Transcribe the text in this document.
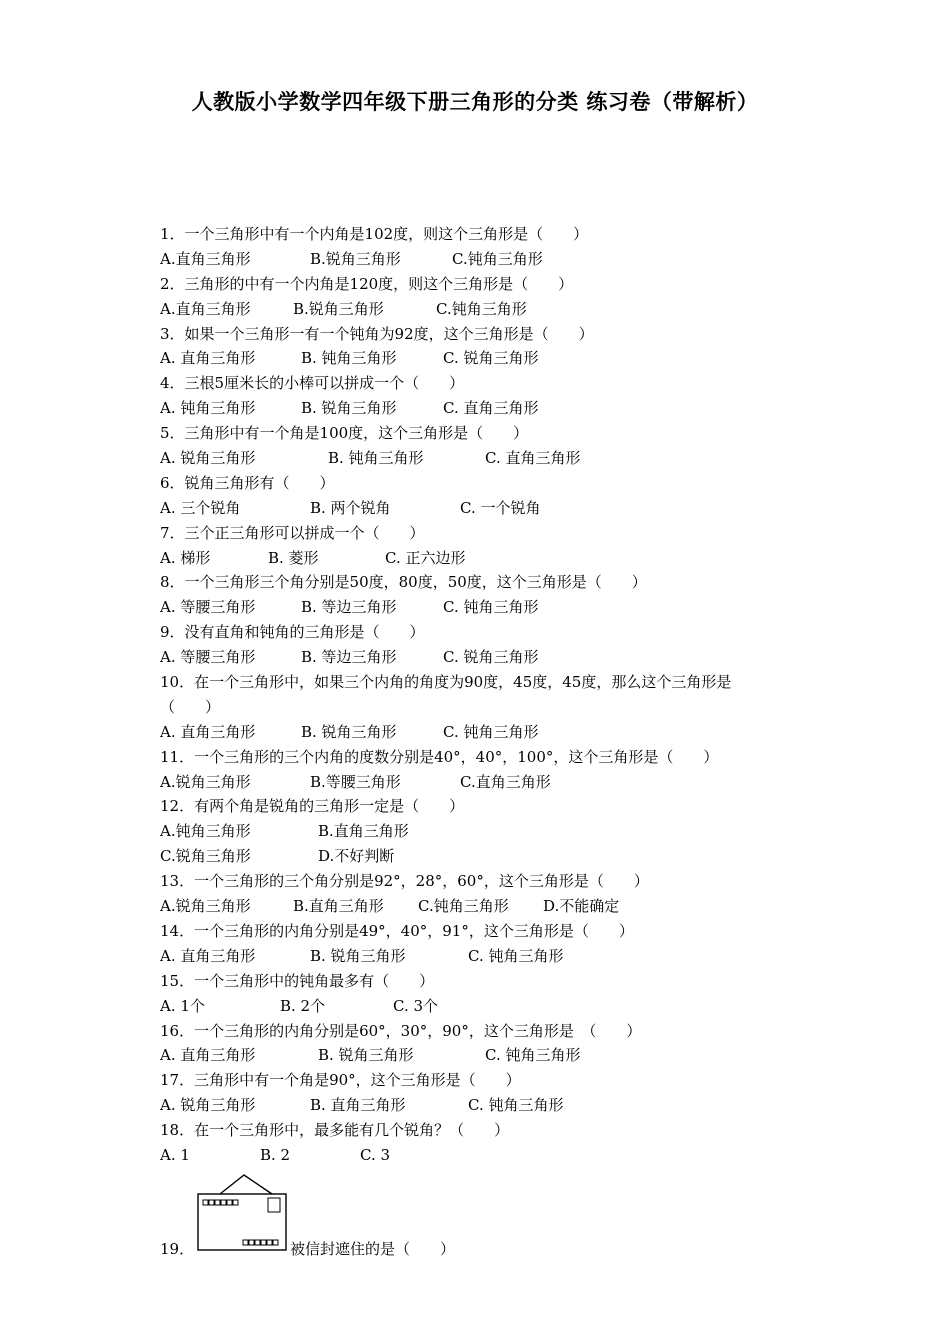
人教版小学数学四年级下册三角形的分类 练习卷（带解析）
1．一个三角形中有一个内角是102度，则这个三角形是（　　）
A.直角三角形	B.锐角三角形	C.钝角三角形
2．三角形的中有一个内角是120度，则这个三角形是（　　）
A.直角三角形	B.锐角三角形	C.钝角三角形
3．如果一个三角形一有一个钝角为92度，这个三角形是（　　）
A. 直角三角形	B. 钝角三角形	C. 锐角三角形
4．三根5厘米长的小棒可以拼成一个（　　）
A. 钝角三角形	B. 锐角三角形	C. 直角三角形
5．三角形中有一个角是100度，这个三角形是（　　）
A. 锐角三角形	B. 钝角三角形	C. 直角三角形
6．锐角三角形有（　　）
A. 三个锐角	B. 两个锐角	C. 一个锐角
7．三个正三角形可以拼成一个（　　）
A. 梯形	B. 菱形	C. 正六边形
8．一个三角形三个角分别是50度，80度，50度，这个三角形是（　　）
A. 等腰三角形	B. 等边三角形	C. 钝角三角形
9．没有直角和钝角的三角形是（　　）
A. 等腰三角形	B. 等边三角形	C. 锐角三角形
10．在一个三角形中，如果三个内角的角度为90度，45度，45度，那么这个三角形是
（　　）
A. 直角三角形	B. 锐角三角形	C. 钝角三角形
11．一个三角形的三个内角的度数分别是40°，40°，100°，这个三角形是（　　）
A.锐角三角形	B.等腰三角形	C.直角三角形
12．有两个角是锐角的三角形一定是（　　）
A.钝角三角形	B.直角三角形
C.锐角三角形	D.不好判断
13．一个三角形的三个角分别是92°，28°，60°，这个三角形是（　　）
A.锐角三角形	B.直角三角形 C.钝角三角形 D.不能确定
14．一个三角形的内角分别是49°，40°，91°，这个三角形是（　　）
A. 直角三角形	B. 锐角三角形	C. 钝角三角形
15．一个三角形中的钝角最多有（　　）
A. 1个	B. 2个	C. 3个
16．一个三角形的内角分别是60°，30°，90°，这个三角形是　（　　）
A. 直角三角形	B. 锐角三角形	C. 钝角三角形
17．三角形中有一个角是90°，这个三角形是（　　）
A. 锐角三角形	B. 直角三角形	C. 钝角三角形
18．在一个三角形中，最多能有几个锐角？（　　）
A. 1	B. 2	C. 3
19．	被信封遮住的是（　　）
